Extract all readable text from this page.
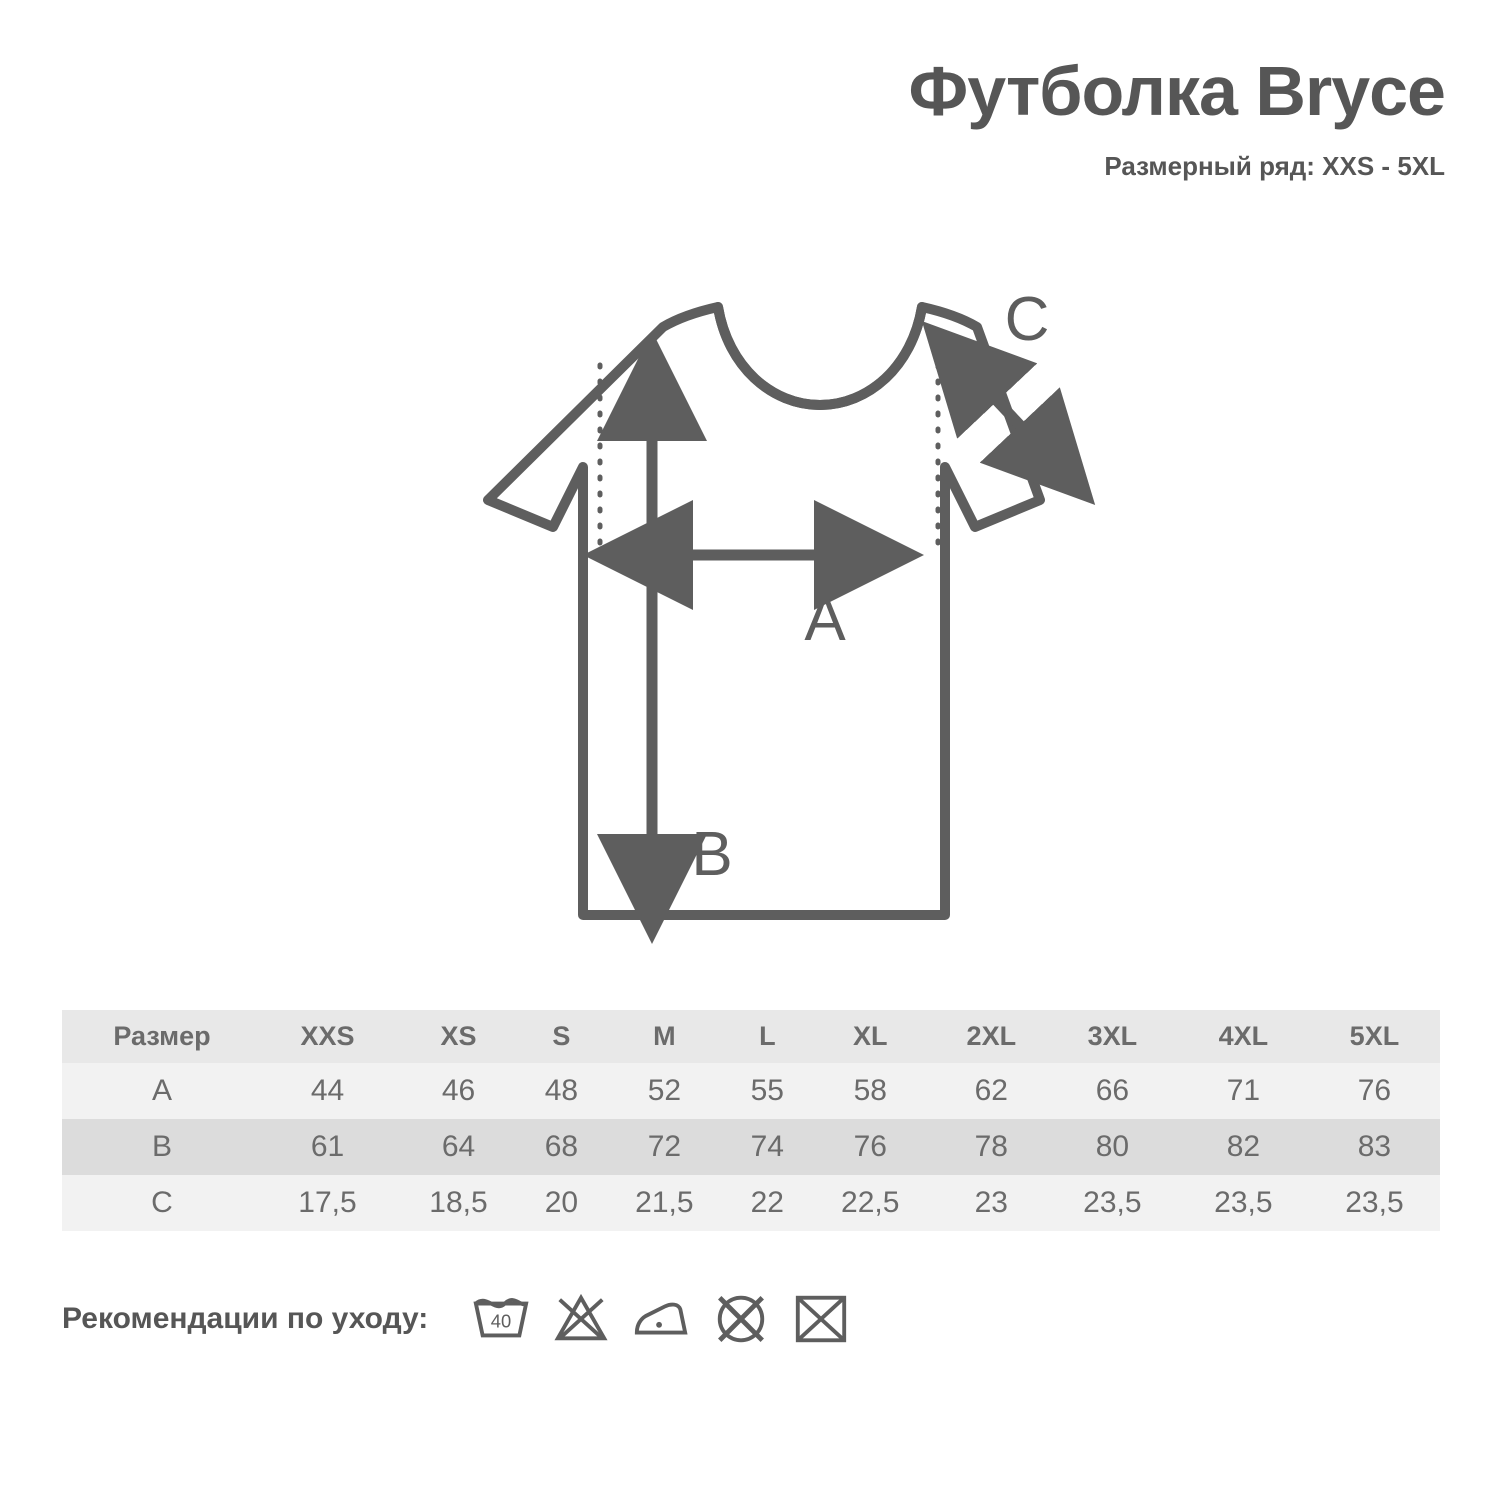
Футболка Bryce
Размерный ряд: XXS - 5XL
A
B
C
Размер	XXS	XS	S	M	L	XL	2XL	3XL	4XL	5XL
A	44	46	48	52	55	58	62	66	71	76
B	61	64	68	72	74	76	78	80	82	83
C	17,5	18,5	20	21,5	22	22,5	23	23,5	23,5	23,5
Рекомендации по уходу:	40
